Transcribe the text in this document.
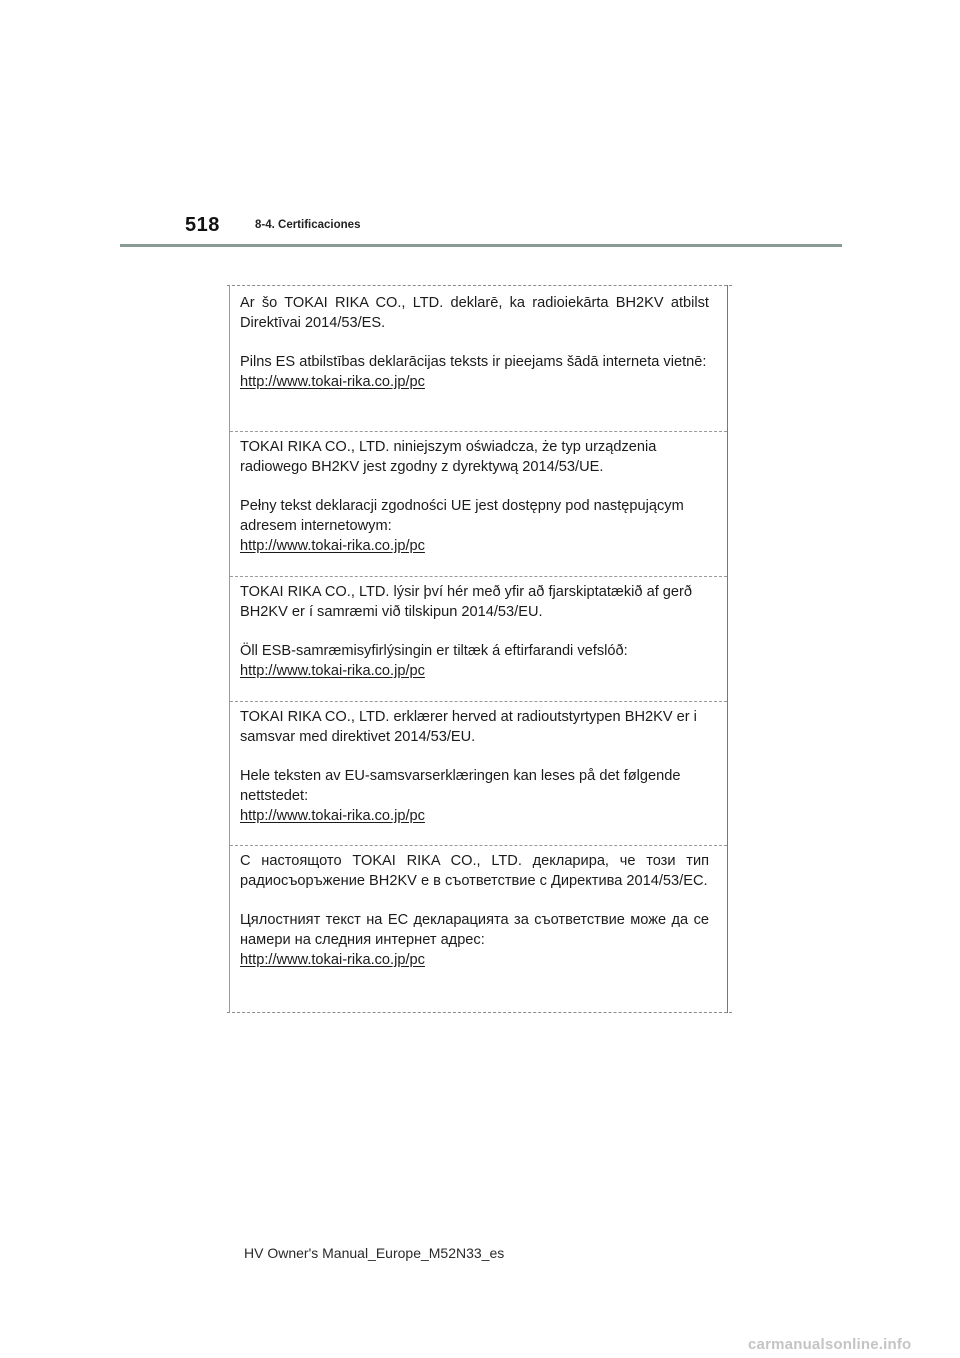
518	8-4. Certificaciones

Ar šo TOKAI RIKA CO., LTD. deklarē, ka radioiekārta BH2KV atbilst Direktīvai 2014/53/ES.

Pilns ES atbilstības deklarācijas teksts ir pieejams šādā interneta vietnē:

http://www.tokai-rika.co.jp/pc

TOKAI RIKA CO., LTD. niniejszym oświadcza, że typ urządzenia radiowego BH2KV jest zgodny z dyrektywą 2014/53/UE.

Pełny tekst deklaracji zgodności UE jest dostępny pod następującym adresem internetowym:

http://www.tokai-rika.co.jp/pc

TOKAI RIKA CO., LTD. lýsir því hér með yfir að fjarskiptatækið af gerð BH2KV er í samræmi við tilskipun 2014/53/EU.

Öll ESB-samræmisyfirlýsingin er tiltæk á eftirfarandi vefslóð:

http://www.tokai-rika.co.jp/pc

TOKAI RIKA CO., LTD. erklærer herved at radioutstyrtypen BH2KV er i samsvar med direktivet 2014/53/EU.

Hele teksten av EU-samsvarserklæringen kan leses på det følgende nettstedet:

http://www.tokai-rika.co.jp/pc

С настоящото TOKAI RIKA CO., LTD. декларира, че този тип радиосъоръжение BH2KV е в съответствие с Директива 2014/53/ЕС.

Цялостният текст на ЕС декларацията за съответствие може да се намери на следния интернет адрес:

http://www.tokai-rika.co.jp/pc
HV Owner's Manual_Europe_M52N33_es
carmanualsonline.info
